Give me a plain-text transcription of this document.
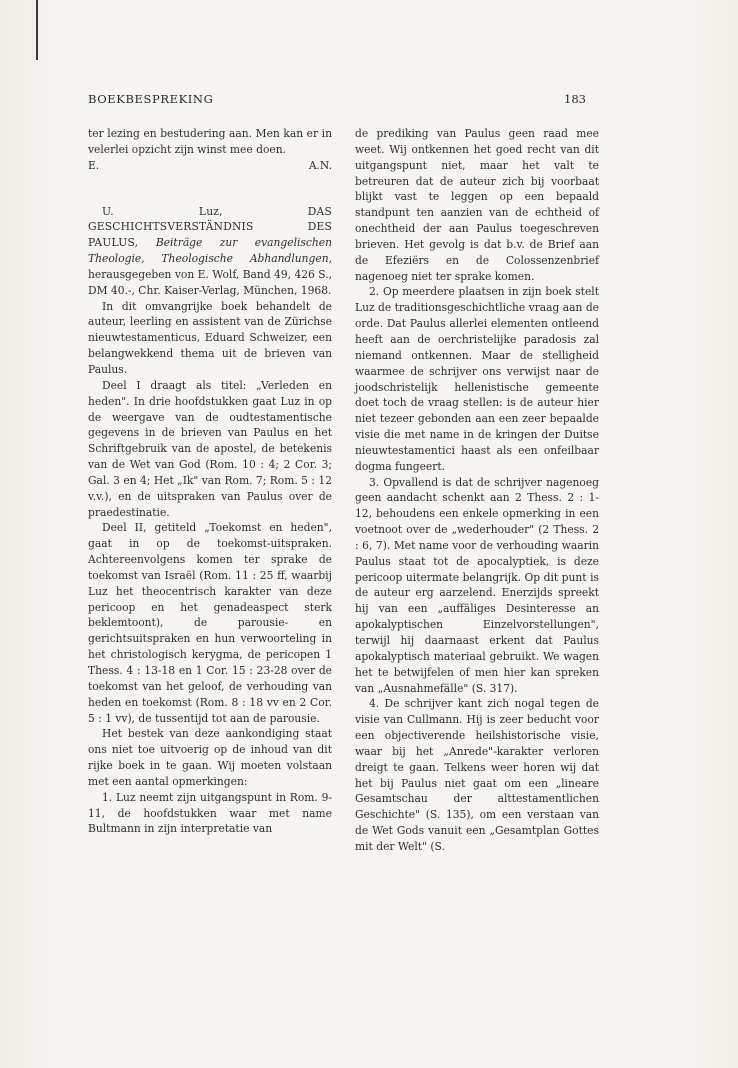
BOEKBESPREKING	183

ter lezing en bestudering aan. Men kan er in velerlei opzicht zijn winst mee doen.

E.	A.N.

U. Luz, DAS GESCHICHTSVERSTÄNDNIS DES PAULUS, Beiträge zur evangelischen Theologie, Theologische Abhandlungen, herausgegeben von E. Wolf, Band 49, 426 S., DM 40.-, Chr. Kaiser-Verlag, München, 1968.

In dit omvangrijke boek behandelt de auteur, leerling en assistent van de Zürichse nieuwtestamenticus, Eduard Schweizer, een belangwekkend thema uit de brieven van Paulus.

Deel I draagt als titel: „Verleden en heden". In drie hoofdstukken gaat Luz in op de weergave van de oudtestamentische gegevens in de brieven van Paulus en het Schriftgebruik van de apostel, de betekenis van de Wet van God (Rom. 10 : 4; 2 Cor. 3; Gal. 3 en 4; Het „Ik" van Rom. 7; Rom. 5 : 12 v.v.), en de uitspraken van Paulus over de praedestinatie.

Deel II, getiteld „Toekomst en heden", gaat in op de toekomst-uitspraken. Achtereenvolgens komen ter sprake de toekomst van Israël (Rom. 11 : 25 ff, waarbij Luz het theocentrisch karakter van deze pericoop en het genadeaspect sterk beklemtoont), de parousie- en gerichtsuitspraken en hun verwoorteling in het christologisch kerygma, de pericopen 1 Thess. 4 : 13-18 en 1 Cor. 15 : 23-28 over de toekomst van het geloof, de verhouding van heden en toekomst (Rom. 8 : 18 vv en 2 Cor. 5 : 1 vv), de tussentijd tot aan de parousie.

Het bestek van deze aankondiging staat ons niet toe uitvoerig op de inhoud van dit rijke boek in te gaan. Wij moeten volstaan met een aantal opmerkingen:

1. Luz neemt zijn uitgangspunt in Rom. 9-11, de hoofdstukken waar met name Bultmann in zijn interpretatie van

de prediking van Paulus geen raad mee weet. Wij ontkennen het goed recht van dit uitgangspunt niet, maar het valt te betreuren dat de auteur zich bij voorbaat blijkt vast te leggen op een bepaald standpunt ten aanzien van de echtheid of onechtheid der aan Paulus toegeschreven brieven. Het gevolg is dat b.v. de Brief aan de Efeziërs en de Colossenzenbrief nagenoeg niet ter sprake komen.

2. Op meerdere plaatsen in zijn boek stelt Luz de traditionsgeschichtliche vraag aan de orde. Dat Paulus allerlei elementen ontleend heeft aan de oerchristelijke paradosis zal niemand ontkennen. Maar de stelligheid waarmee de schrijver ons verwijst naar de joodschristelijk hellenistische gemeente doet toch de vraag stellen: is de auteur hier niet tezeer gebonden aan een zeer bepaalde visie die met name in de kringen der Duitse nieuwtestamentici haast als een onfeilbaar dogma fungeert.

3. Opvallend is dat de schrijver nagenoeg geen aandacht schenkt aan 2 Thess. 2 : 1-12, behoudens een enkele opmerking in een voetnoot over de „wederhouder" (2 Thess. 2 : 6, 7). Met name voor de verhouding waarin Paulus staat tot de apocalyptiek, is deze pericoop uitermate belangrijk. Op dit punt is de auteur erg aarzelend. Enerzijds spreekt hij van een „auffäliges Desinteresse an apokalyptischen Einzelvorstellungen", terwijl hij daarnaast erkent dat Paulus apokalyptisch materiaal gebruikt. We wagen het te betwijfelen of men hier kan spreken van „Ausnahmefälle" (S. 317).

4. De schrijver kant zich nogal tegen de visie van Cullmann. Hij is zeer beducht voor een objectiverende heilshistorische visie, waar bij het „Anrede"-karakter verloren dreigt te gaan. Telkens weer horen wij dat het bij Paulus niet gaat om een „lineare Gesamtschau der alttestamentlichen Geschichte" (S. 135), om een verstaan van de Wet Gods vanuit een „Gesamtplan Gottes mit der Welt" (S.
